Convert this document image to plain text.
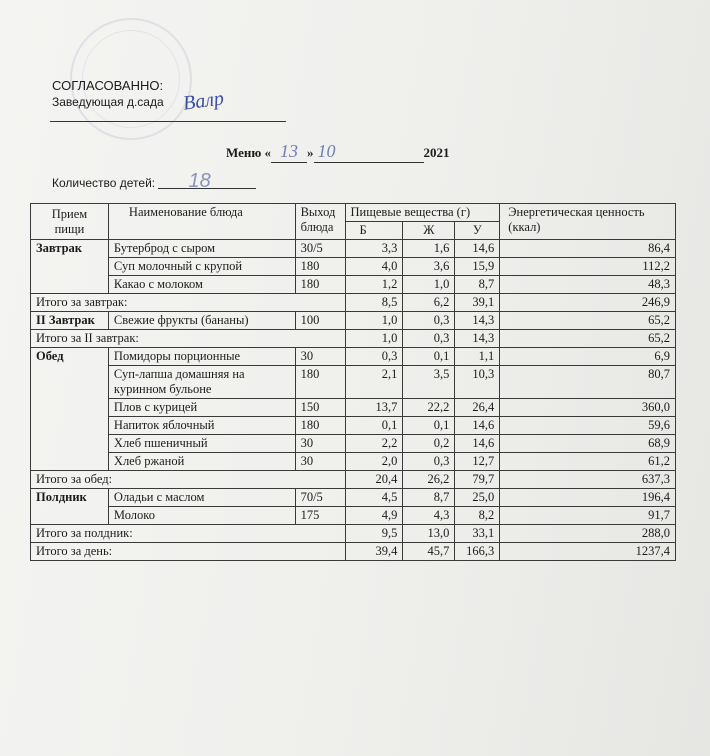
СОГЛАСОВАННО:
Заведующая д.сада Валр
Меню « 13 » 10	2021
Количество детей: 18
Прием пищи	Наименование блюда	Выход блюда	Пищевые вещества (г)			Энергетическая ценность (ккал)
			Б	Ж	У	
Завтрак	Бутерброд с сыром	30/5	3,3	1,6	14,6	86,4
	Суп молочный с крупой	180	4,0	3,6	15,9	112,2
	Какао с молоком	180	1,2	1,0	8,7	48,3
Итого за завтрак:			8,5	6,2	39,1	246,9
II Завтрак	Свежие фрукты (бананы)	100	1,0	0,3	14,3	65,2
Итого за II завтрак:			1,0	0,3	14,3	65,2
Обед	Помидоры порционные	30	0,3	0,1	1,1	6,9
	Суп-лапша домашняя на куринном бульоне	180	2,1	3,5	10,3	80,7
	Плов с курицей	150	13,7	22,2	26,4	360,0
	Напиток яблочный	180	0,1	0,1	14,6	59,6
	Хлеб пшеничный	30	2,2	0,2	14,6	68,9
	Хлеб ржаной	30	2,0	0,3	12,7	61,2
Итого за обед:			20,4	26,2	79,7	637,3
Полдник	Оладьи с маслом	70/5	4,5	8,7	25,0	196,4
	Молоко	175	4,9	4,3	8,2	91,7
Итого за полдник:			9,5	13,0	33,1	288,0
Итого за день:			39,4	45,7	166,3	1237,4
